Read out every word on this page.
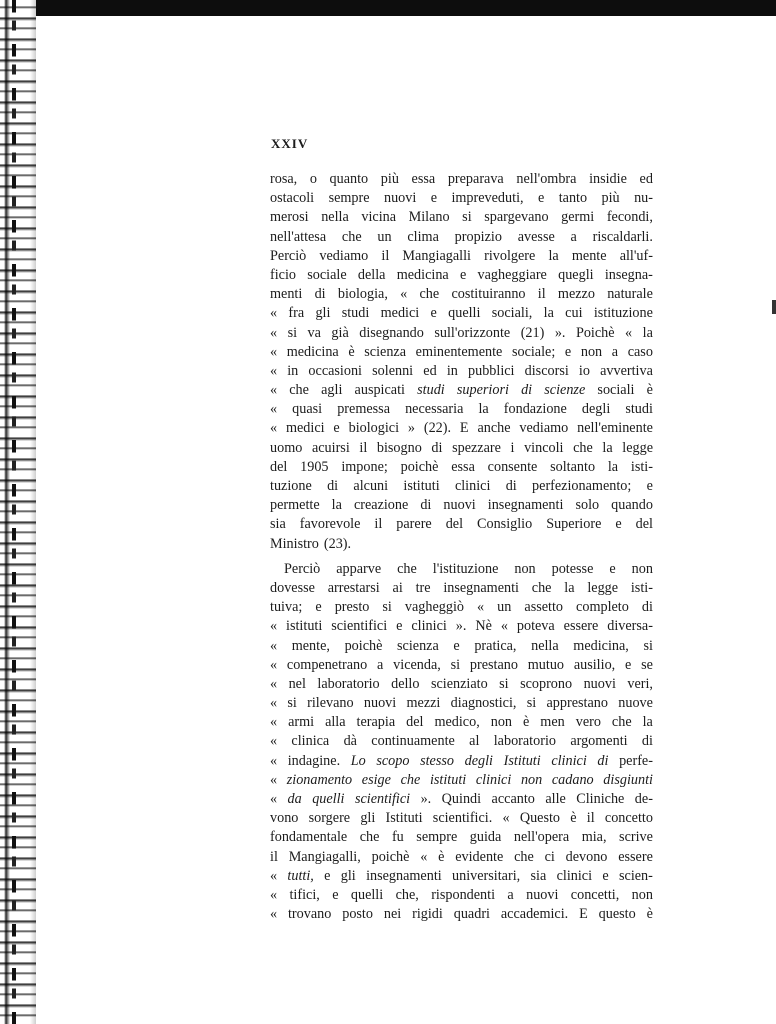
XXIV
rosa, o quanto più essa preparava nell'ombra insidie ed
ostacoli sempre nuovi e impreveduti, e tanto più nu-
merosi nella vicina Milano si spargevano germi fecondi,
nell'attesa che un clima propizio avesse a riscaldarli.
Perciò vediamo il Mangiagalli rivolgere la mente all'uf-
ficio sociale della medicina e vagheggiare quegli insegna-
menti di biologia, « che costituiranno il mezzo naturale
« fra gli studi medici e quelli sociali, la cui istituzione
« si va già disegnando sull'orizzonte (21) ». Poichè « la
« medicina è scienza eminentemente sociale; e non a caso
« in occasioni solenni ed in pubblici discorsi io avvertiva
« che agli auspicati studi superiori di scienze sociali è
« quasi premessa necessaria la fondazione degli studi
« medici e biologici » (22). E anche vediamo nell'eminente
uomo acuirsi il bisogno di spezzare i vincoli che la legge
del 1905 impone; poichè essa consente soltanto la isti-
tuzione di alcuni istituti clinici di perfezionamento; e
permette la creazione di nuovi insegnamenti solo quando
sia favorevole il parere del Consiglio Superiore e del
Ministro (23).
Perciò apparve che l'istituzione non potesse e non
dovesse arrestarsi ai tre insegnamenti che la legge isti-
tuiva; e presto si vagheggiò « un assetto completo di
« istituti scientifici e clinici ». Nè « poteva essere diversa-
« mente, poichè scienza e pratica, nella medicina, si
« compenetrano a vicenda, si prestano mutuo ausilio, e se
« nel laboratorio dello scienziato si scoprono nuovi veri,
« si rilevano nuovi mezzi diagnostici, si apprestano nuove
« armi alla terapia del medico, non è men vero che la
« clinica dà continuamente al laboratorio argomenti di
« indagine. Lo scopo stesso degli Istituti clinici di perfe-
« zionamento esige che istituti clinici non cadano disgiunti
« da quelli scientifici ». Quindi accanto alle Cliniche de-
vono sorgere gli Istituti scientifici. « Questo è il concetto
fondamentale che fu sempre guida nell'opera mia, scrive
il Mangiagalli, poichè « è evidente che ci devono essere
« tutti, e gli insegnamenti universitari, sia clinici e scien-
« tifici, e quelli che, rispondenti a nuovi concetti, non
« trovano posto nei rigidi quadri accademici. E questo è
